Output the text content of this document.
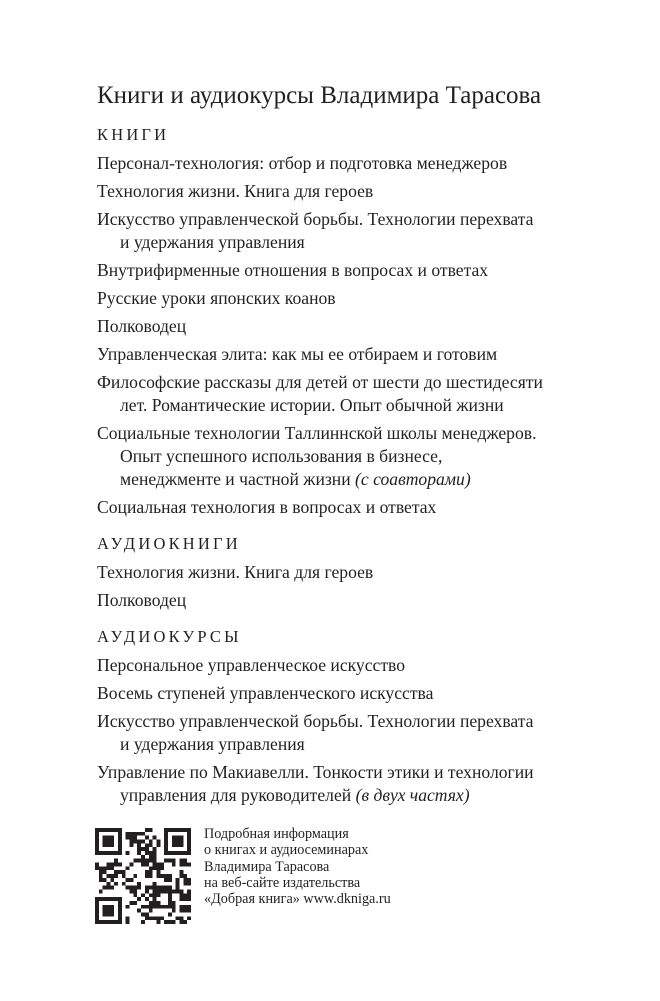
Книги и аудиокурсы Владимира Тарасова
КНИГИ
Персонал-технология: отбор и подготовка менеджеров
Технология жизни. Книга для героев
Искусство управленческой борьбы. Технологии перехвата
и удержания управления
Внутрифирменные отношения в вопросах и ответах
Русские уроки японских коанов
Полководец
Управленческая элита: как мы ее отбираем и готовим
Философские рассказы для детей от шести до шестидесяти
лет. Романтические истории. Опыт обычной жизни
Социальные технологии Таллиннской школы менеджеров.
Опыт успешного использования в бизнесе,
менеджменте и частной жизни (с соавторами)
Социальная технология в вопросах и ответах
АУДИОКНИГИ
Технология жизни. Книга для героев
Полководец
АУДИОКУРСЫ
Персональное управленческое искусство
Восемь ступеней управленческого искусства
Искусство управленческой борьбы. Технологии перехвата
и удержания управления
Управление по Макиавелли. Тонкости этики и технологии
управления для руководителей (в двух частях)
Подробная информация
о книгах и аудиосеминарах
Владимира Тарасова
на веб-сайте издательства
«Добрая книга» www.dkniga.ru
